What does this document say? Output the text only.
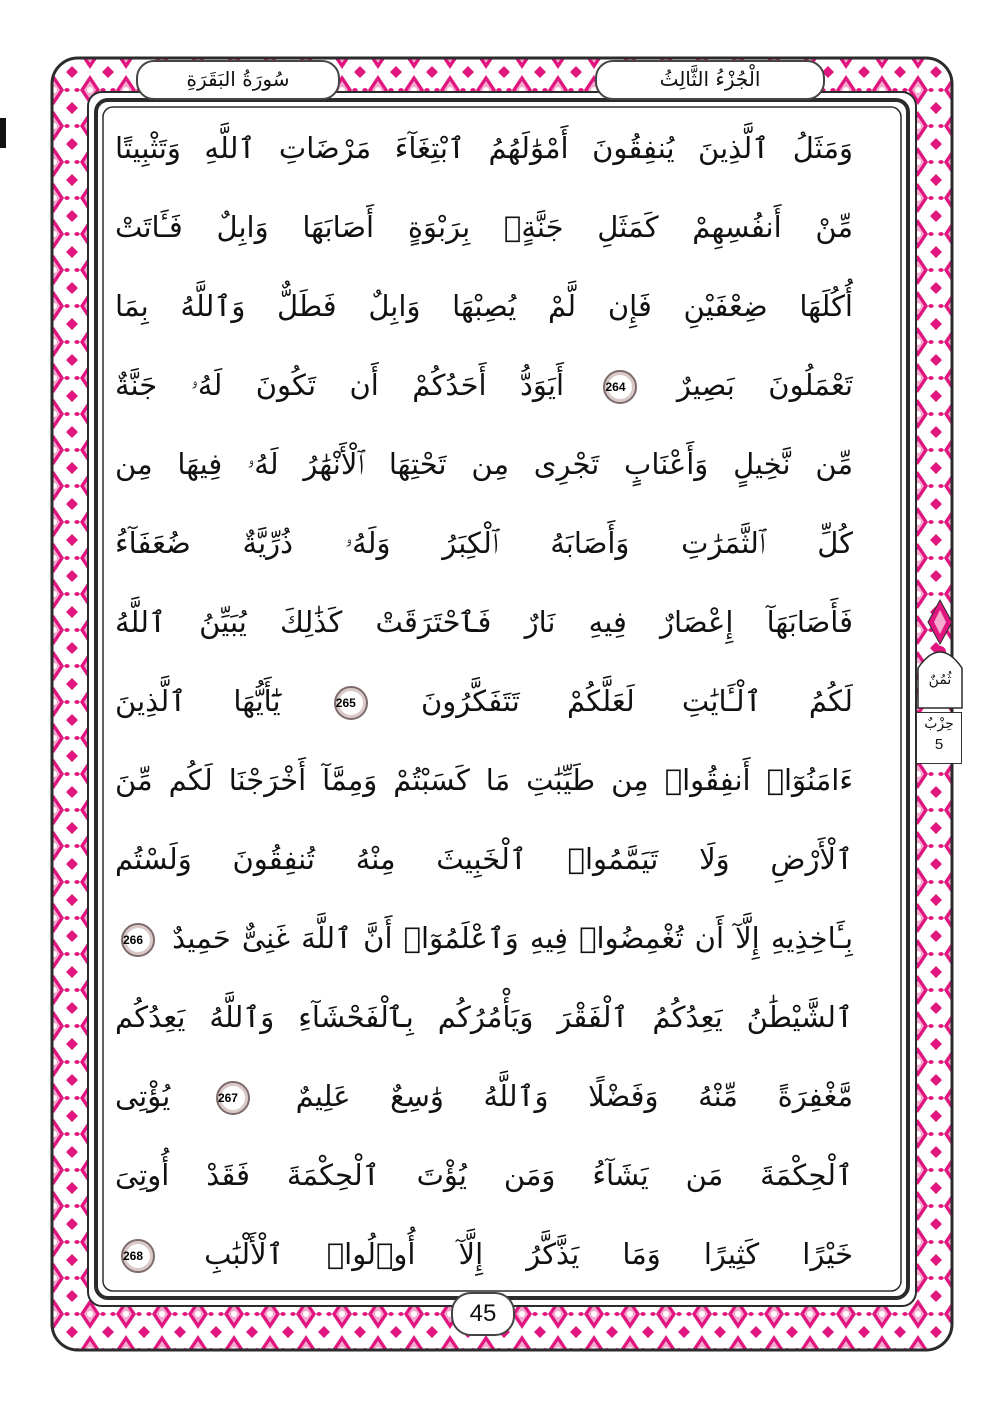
الْجُزْءُ الثَّالِثُ
سُورَةُ البَقَرَةِ
ثُمُنٌ
حِزْبٌ
5
وَمَثَلُ ٱلَّذِينَ يُنفِقُونَ أَمْوَٰلَهُمُ ٱبْتِغَآءَ مَرْضَاتِ ٱللَّهِ وَتَثْبِيتًا
مِّنْ أَنفُسِهِمْ كَمَثَلِ جَنَّةٍۭ بِرَبْوَةٍ أَصَابَهَا وَابِلٌ فَـَٔاتَتْ
أُكُلَهَا ضِعْفَيْنِ فَإِن لَّمْ يُصِبْهَا وَابِلٌ فَطَلٌّ وَٱللَّهُ بِمَا
تَعْمَلُونَ بَصِيرٌ 264 أَيَوَدُّ أَحَدُكُمْ أَن تَكُونَ لَهُۥ جَنَّةٌ
مِّن نَّخِيلٍ وَأَعْنَابٍ تَجْرِى مِن تَحْتِهَا ٱلْأَنْهَٰرُ لَهُۥ فِيهَا مِن
كُلِّ ٱلثَّمَرَٰتِ وَأَصَابَهُ ٱلْكِبَرُ وَلَهُۥ ذُرِّيَّةٌ ضُعَفَآءُ
فَأَصَابَهَآ إِعْصَارٌ فِيهِ نَارٌ فَٱحْتَرَقَتْ كَذَٰلِكَ يُبَيِّنُ ٱللَّهُ
لَكُمُ ٱلْـَٔايَٰتِ لَعَلَّكُمْ تَتَفَكَّرُونَ 265 يَٰٓأَيُّهَا ٱلَّذِينَ
ءَامَنُوٓا۟ أَنفِقُوا۟ مِن طَيِّبَٰتِ مَا كَسَبْتُمْ وَمِمَّآ أَخْرَجْنَا لَكُم مِّنَ
ٱلْأَرْضِ وَلَا تَيَمَّمُوا۟ ٱلْخَبِيثَ مِنْهُ تُنفِقُونَ وَلَسْتُم
بِـَٔاخِذِيهِ إِلَّآ أَن تُغْمِضُوا۟ فِيهِ وَٱعْلَمُوٓا۟ أَنَّ ٱللَّهَ غَنِىٌّ حَمِيدٌ 266
ٱلشَّيْطَٰنُ يَعِدُكُمُ ٱلْفَقْرَ وَيَأْمُرُكُم بِٱلْفَحْشَآءِ وَٱللَّهُ يَعِدُكُم
مَّغْفِرَةً مِّنْهُ وَفَضْلًا وَٱللَّهُ وَٰسِعٌ عَلِيمٌ 267 يُؤْتِى
ٱلْحِكْمَةَ مَن يَشَآءُ وَمَن يُؤْتَ ٱلْحِكْمَةَ فَقَدْ أُوتِىَ
خَيْرًا كَثِيرًا وَمَا يَذَّكَّرُ إِلَّآ أُو۟لُوا۟ ٱلْأَلْبَٰبِ 268
45
